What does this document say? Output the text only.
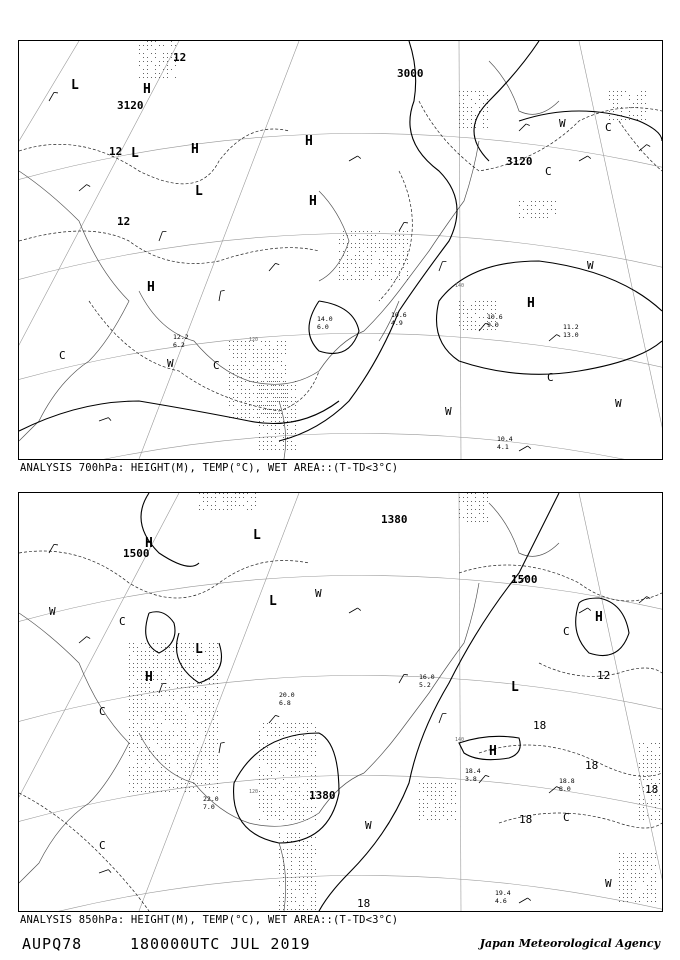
3000
3120
3120
12
12
12
H
H
H
H
H
H
L
L
L
C
C
C
C
C
W
W
W
W
W
10.6
9.0	11.2
13.0
10.4
4.1
14.0
6.0
10.6
4.9
12.2
6.2
140
120
ANALYSIS 700hPa: HEIGHT(M), TEMP(°C), WET AREA::(T-TD<3°C)
1500
1500
1380
1380
12
18
18
18
18
18
H
H
H
H
L
L
L
L
C
C
C
C
C
W
W
W
W
18.4
3.8	18.8
8.0
19.4
4.6
20.0
6.8
16.0
5.2
22.0
7.0
140
120
ANALYSIS 850hPa: HEIGHT(M), TEMP(°C), WET AREA::(T-TD<3°C)
AUPQ78	180000UTC JUL 2019	Japan Meteorological Agency
